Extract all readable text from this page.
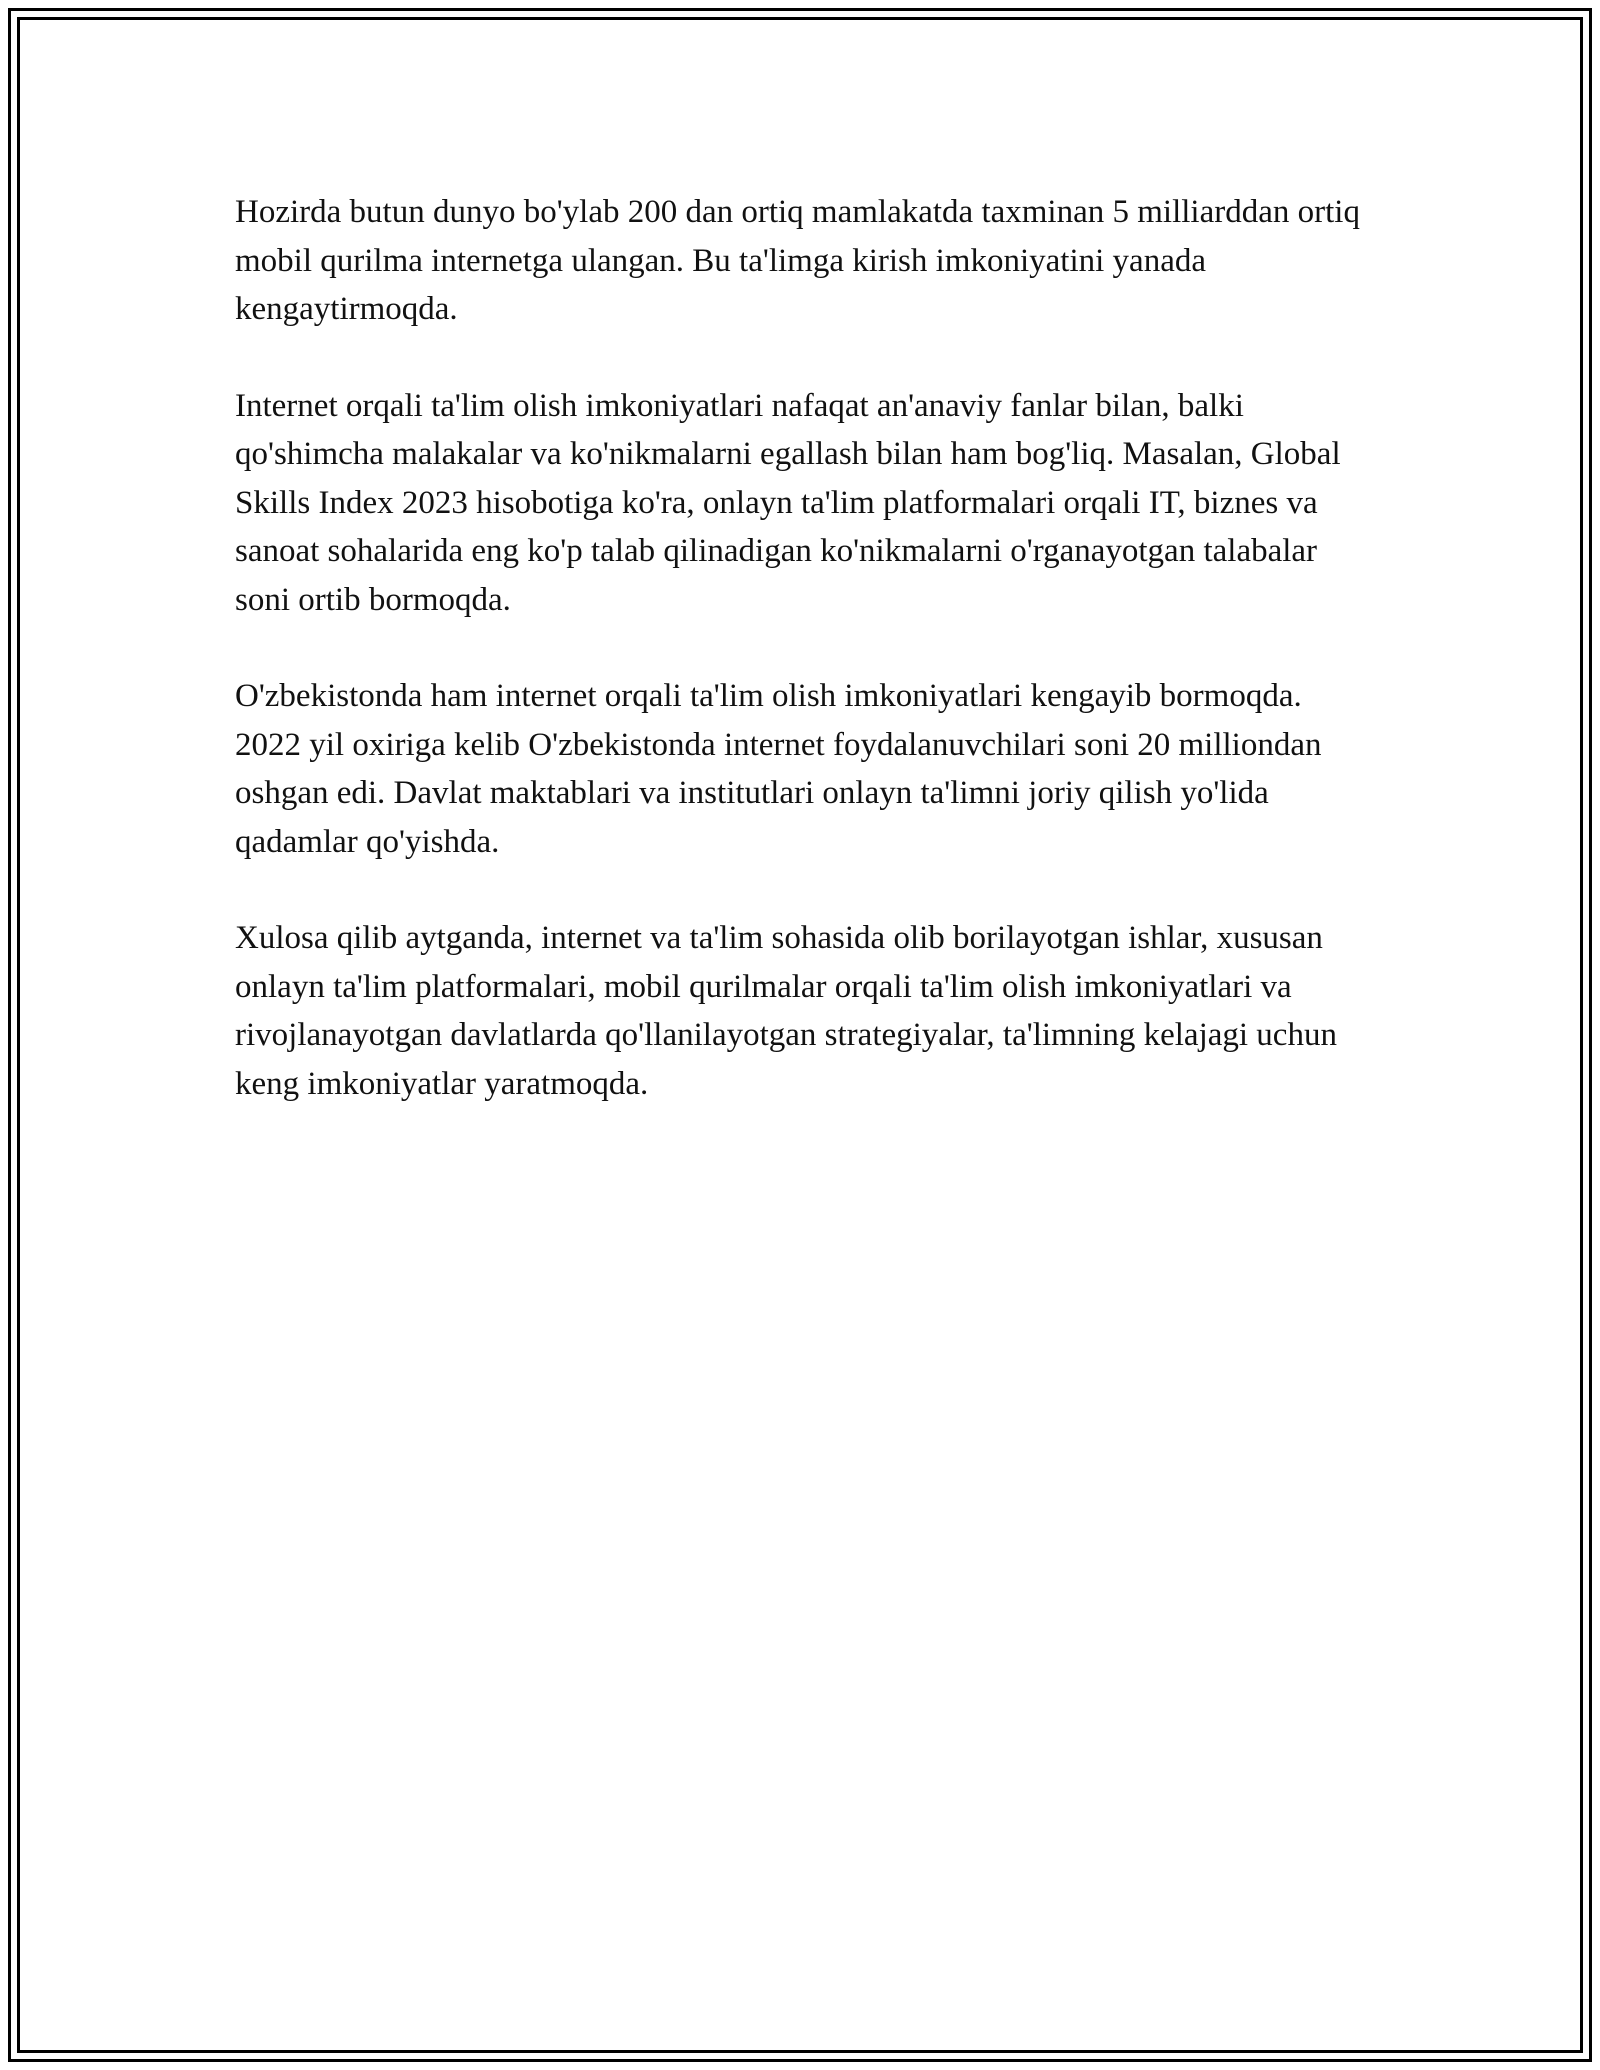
Hozirda butun dunyo bo'ylab 200 dan ortiq mamlakatda taxminan 5 milliarddan ortiq mobil qurilma internetga ulangan. Bu ta'limga kirish imkoniyatini yanada kengaytirmoqda.

Internet orqali ta'lim olish imkoniyatlari nafaqat an'anaviy fanlar bilan, balki qo'shimcha malakalar va ko'nikmalarni egallash bilan ham bog'liq. Masalan, Global Skills Index 2023 hisobotiga ko'ra, onlayn ta'lim platformalari orqali IT, biznes va sanoat sohalarida eng ko'p talab qilinadigan ko'nikmalarni o'rganayotgan talabalar soni ortib bormoqda.

O'zbekistonda ham internet orqali ta'lim olish imkoniyatlari kengayib bormoqda. 2022 yil oxiriga kelib O'zbekistonda internet foydalanuvchilari soni 20 milliondan oshgan edi. Davlat maktablari va institutlari onlayn ta'limni joriy qilish yo'lida qadamlar qo'yishda.

Xulosa qilib aytganda, internet va ta'lim sohasida olib borilayotgan ishlar, xususan onlayn ta'lim platformalari, mobil qurilmalar orqali ta'lim olish imkoniyatlari va rivojlanayotgan davlatlarda qo'llanilayotgan strategiyalar, ta'limning kelajagi uchun keng imkoniyatlar yaratmoqda.
